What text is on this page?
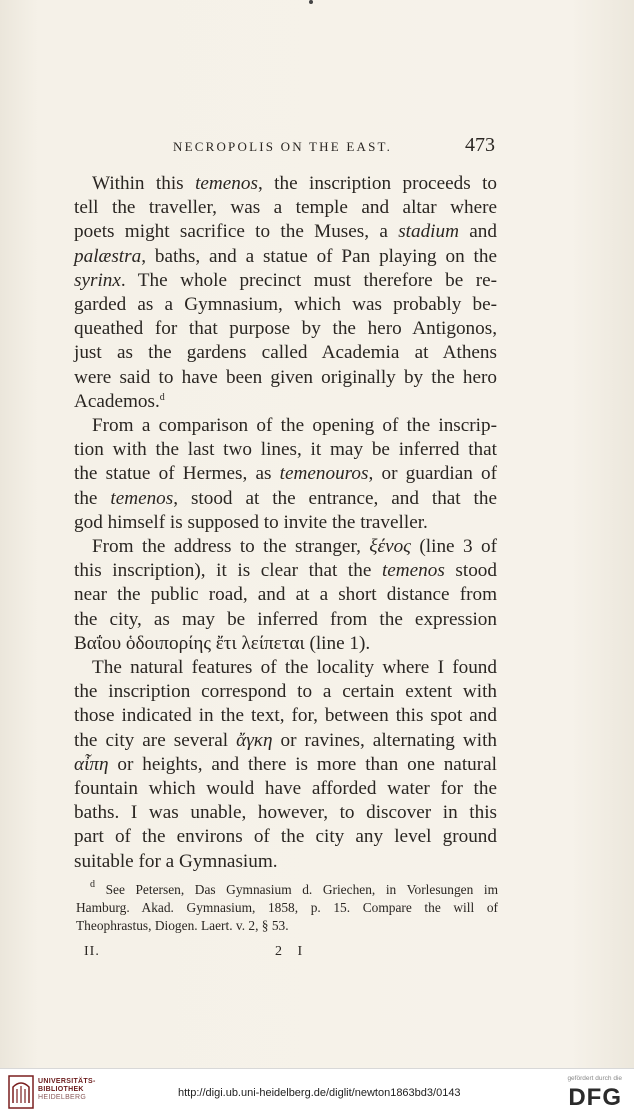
NECROPOLIS ON THE EAST.	473

Within this temenos, the inscription proceeds to
tell the traveller, was a temple and altar where
poets might sacrifice to the Muses, a stadium and
palæstra, baths, and a statue of Pan playing on the
syrinx. The whole precinct must therefore be re-
garded as a Gymnasium, which was probably be-
queathed for that purpose by the hero Antigonos,
just as the gardens called Academia at Athens
were said to have been given originally by the hero
Academos.$^d$

From a comparison of the opening of the inscrip-
tion with the last two lines, it may be inferred that
the statue of Hermes, as temenouros, or guardian of
the temenos, stood at the entrance, and that the
god himself is supposed to invite the traveller.

From the address to the stranger, ξένος (line 3 of
this inscription), it is clear that the temenos stood
near the public road, and at a short distance from
the city, as may be inferred from the expression
Βαΐου ὁδοιπορίης ἔτι λείπεται (line 1).

The natural features of the locality where I found
the inscription correspond to a certain extent with
those indicated in the text, for, between this spot and
the city are several ἄγκη or ravines, alternating with
αἶπη or heights, and there is more than one natural
fountain which would have afforded water for the
baths. I was unable, however, to discover in this
part of the environs of the city any level ground
suitable for a Gymnasium.

$^d$ See Petersen, Das Gymnasium d. Griechen, in Vorlesungen im
Hamburg. Akad. Gymnasium, 1858, p. 15. Compare the will of
Theophrastus, Diogen. Laert. v. 2, § 53.
II.	2 I
UNIVERSITÄTS-
BIBLIOTHEK
HEIDELBERG	http://digi.ub.uni-heidelberg.de/diglit/newton1863bd3/0143
gefördert durch die
DFG
